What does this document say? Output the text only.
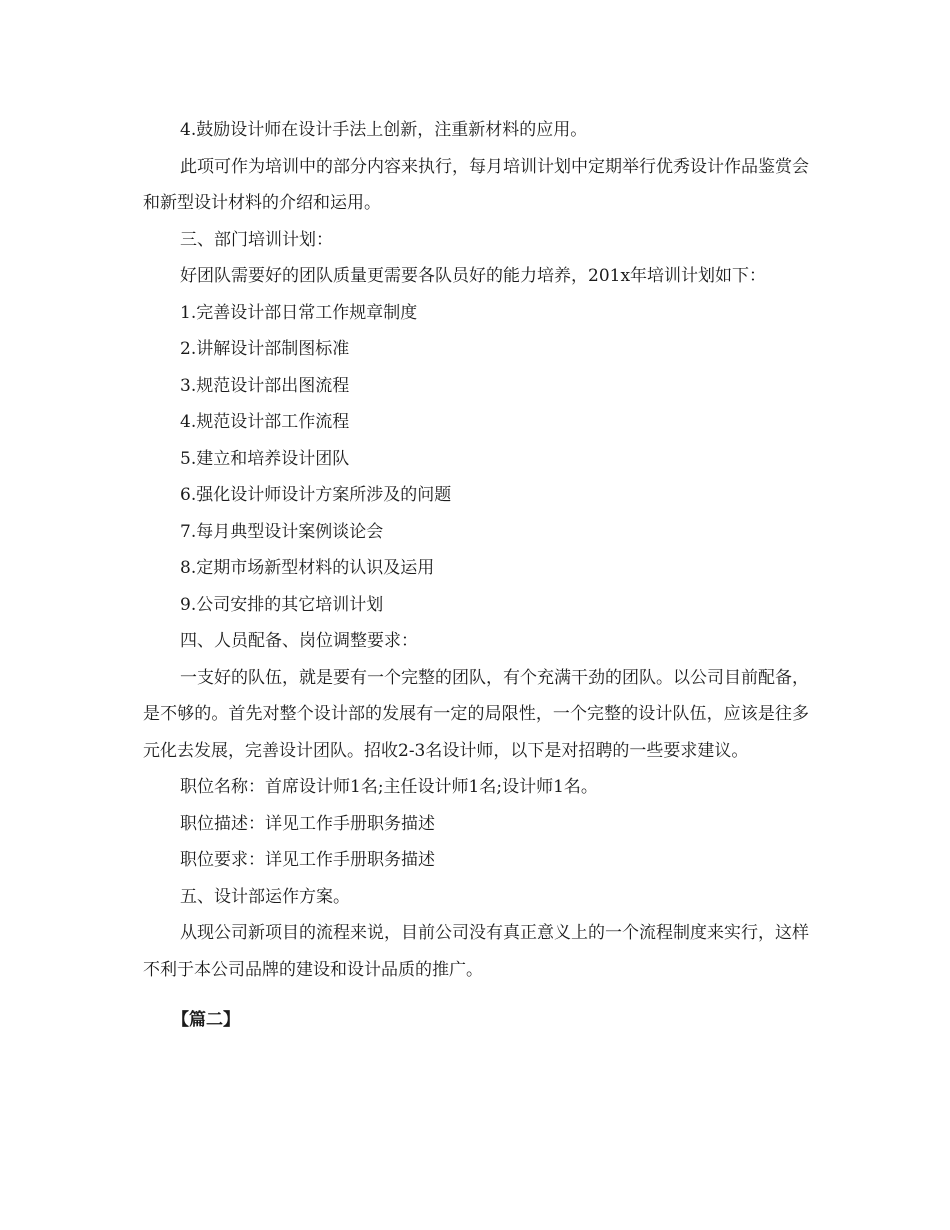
4.鼓励设计师在设计手法上创新，注重新材料的应用。

此项可作为培训中的部分内容来执行，每月培训计划中定期举行优秀设计作品鉴赏会和新型设计材料的介绍和运用。

三、部门培训计划：

好团队需要好的团队质量更需要各队员好的能力培养，201x年培训计划如下：

1.完善设计部日常工作规章制度

2.讲解设计部制图标准

3.规范设计部出图流程

4.规范设计部工作流程

5.建立和培养设计团队

6.强化设计师设计方案所涉及的问题

7.每月典型设计案例谈论会

8.定期市场新型材料的认识及运用

9.公司安排的其它培训计划

四、人员配备、岗位调整要求：

一支好的队伍，就是要有一个完整的团队，有个充满干劲的团队。以公司目前配备，是不够的。首先对整个设计部的发展有一定的局限性，一个完整的设计队伍，应该是往多元化去发展，完善设计团队。招收2-3名设计师，以下是对招聘的一些要求建议。

职位名称：首席设计师1名;主任设计师1名;设计师1名。

职位描述：详见工作手册职务描述

职位要求：详见工作手册职务描述

五、设计部运作方案。

从现公司新项目的流程来说，目前公司没有真正意义上的一个流程制度来实行，这样不利于本公司品牌的建设和设计品质的推广。

【篇二】
